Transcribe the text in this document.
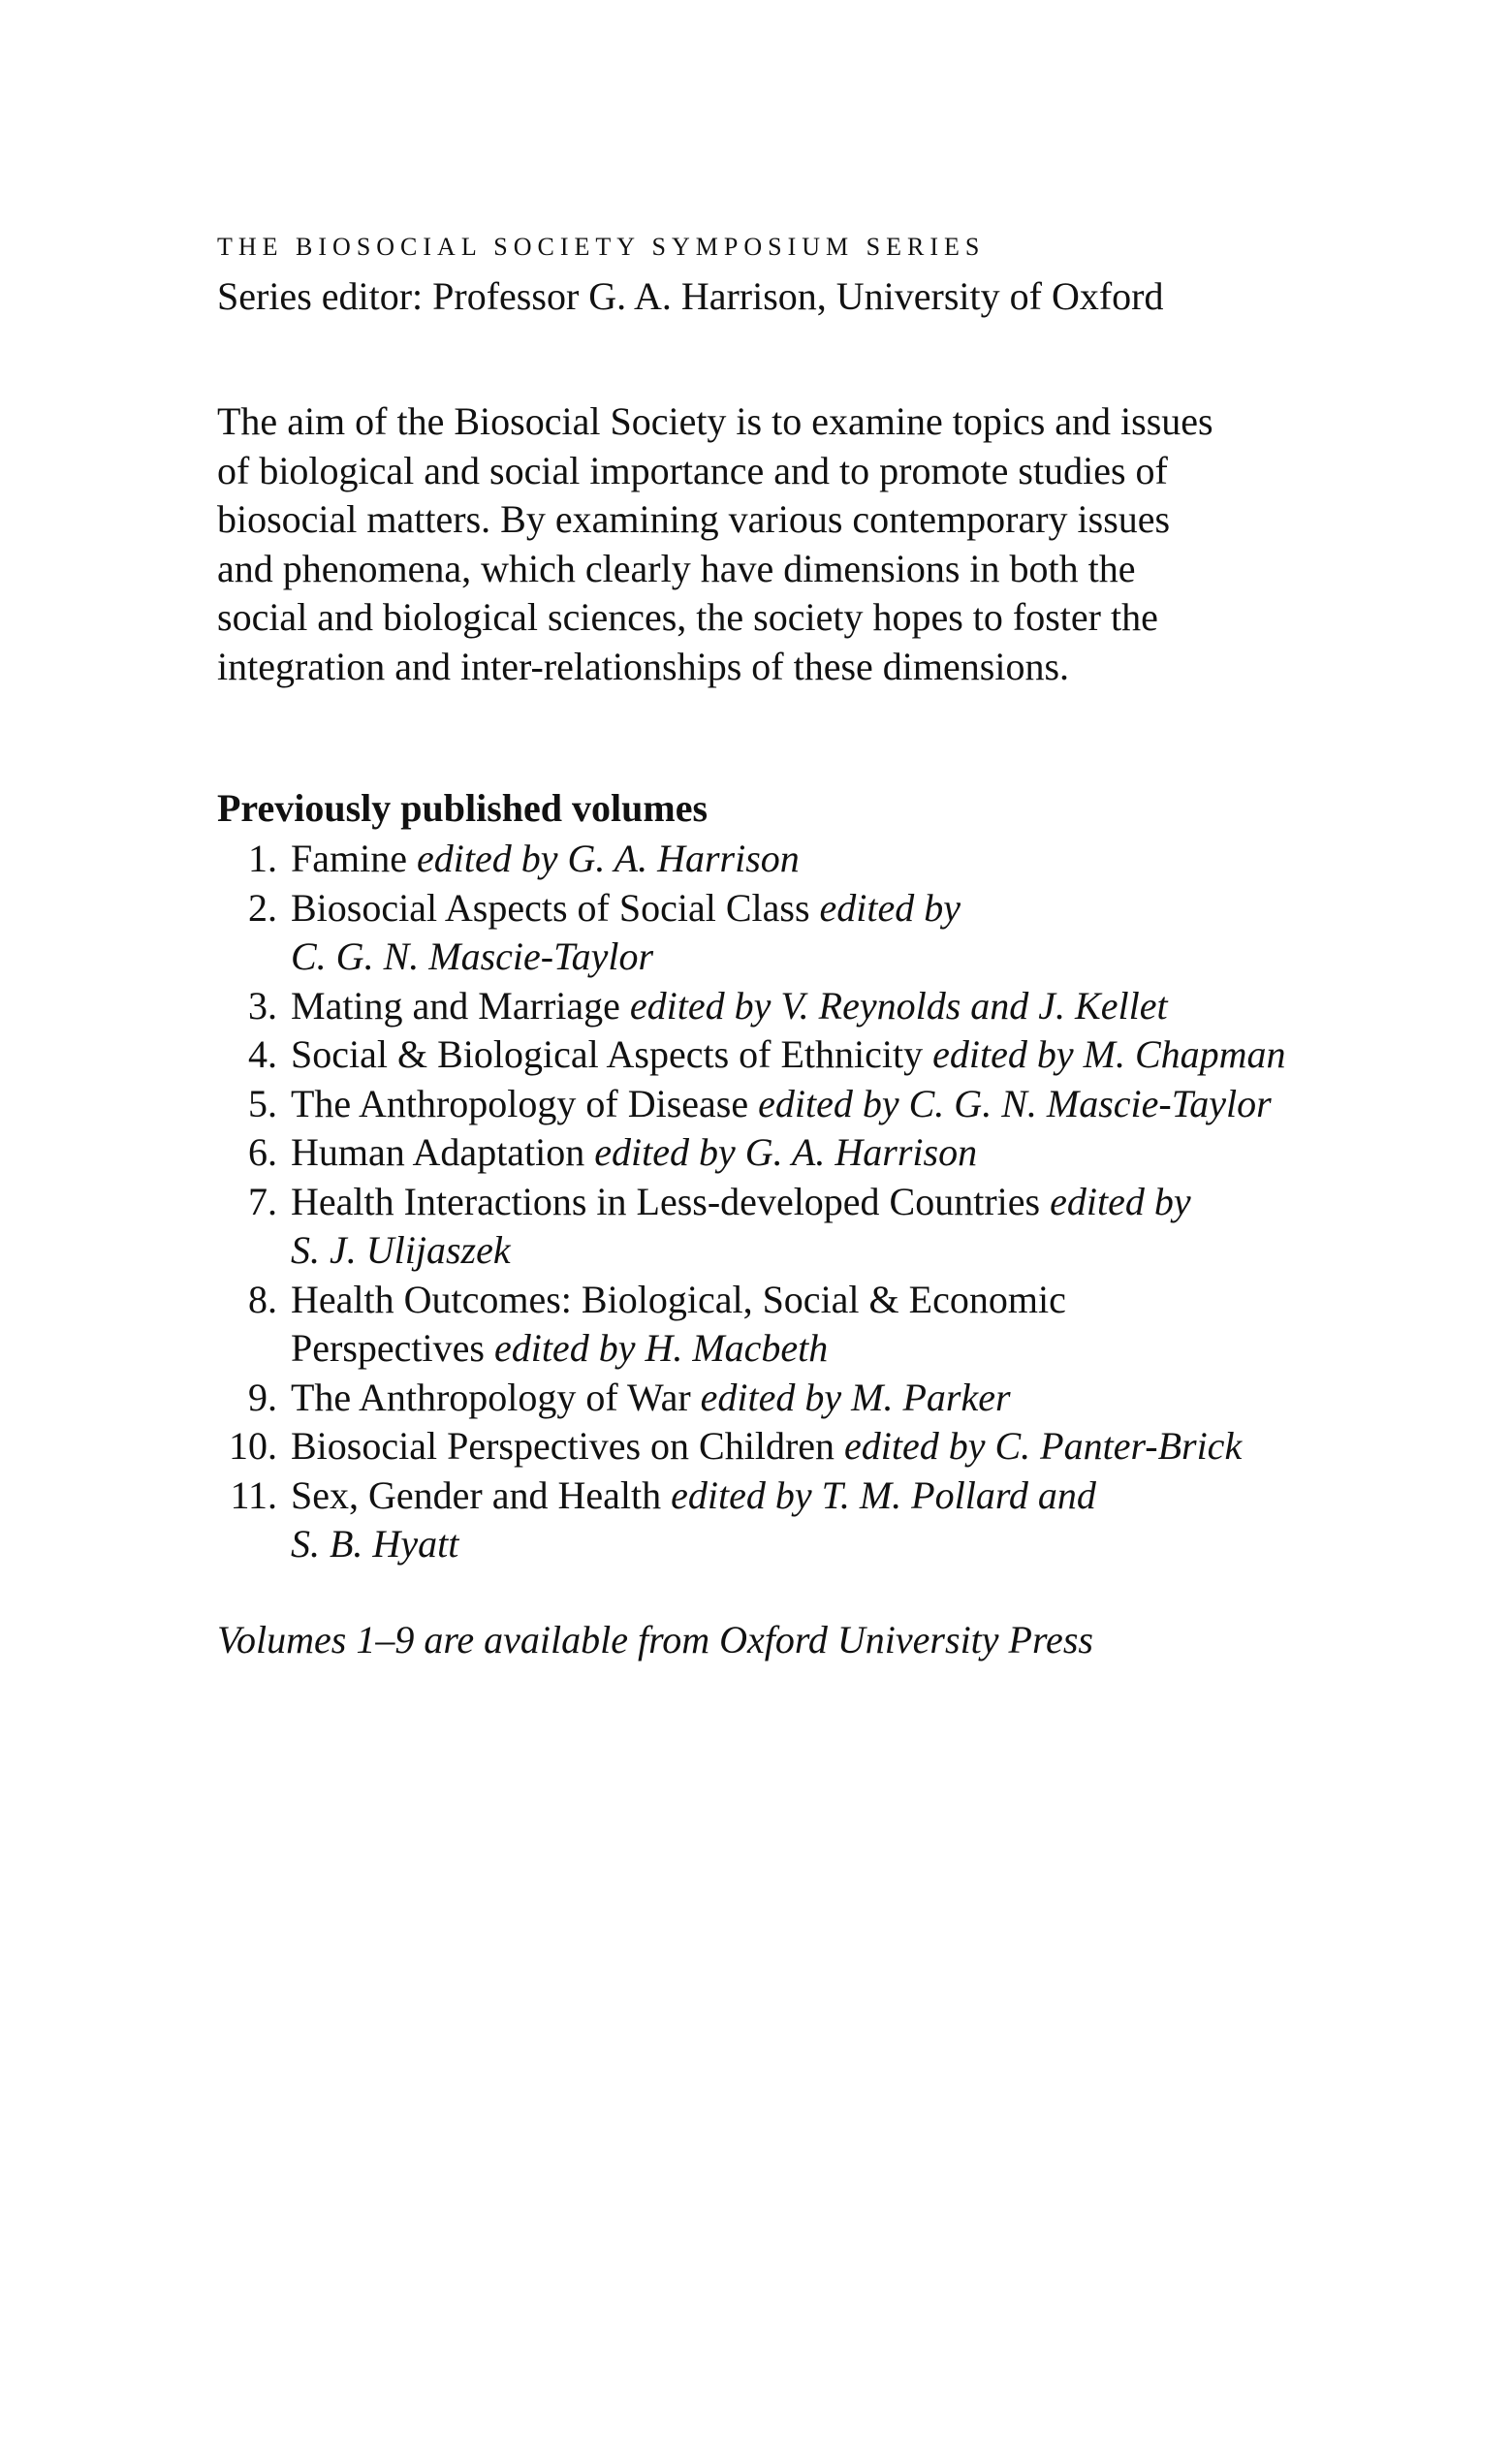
THE BIOSOCIAL SOCIETY SYMPOSIUM SERIES
Series editor: Professor G. A. Harrison, University of Oxford
The aim of the Biosocial Society is to examine topics and issues
of biological and social importance and to promote studies of
biosocial matters. By examining various contemporary issues
and phenomena, which clearly have dimensions in both the
social and biological sciences, the society hopes to foster the
integration and inter-relationships of these dimensions.
Previously published volumes
1. Famine edited by G. A. Harrison
2. Biosocial Aspects of Social Class edited by
C. G. N. Mascie-Taylor
3. Mating and Marriage edited by V. Reynolds and J. Kellet
4. Social & Biological Aspects of Ethnicity edited by M. Chapman
5. The Anthropology of Disease edited by C. G. N. Mascie-Taylor
6. Human Adaptation edited by G. A. Harrison
7. Health Interactions in Less-developed Countries edited by
S. J. Ulijaszek
8. Health Outcomes: Biological, Social & Economic
Perspectives edited by H. Macbeth
9. The Anthropology of War edited by M. Parker
10. Biosocial Perspectives on Children edited by C. Panter-Brick
11. Sex, Gender and Health edited by T. M. Pollard and
S. B. Hyatt
Volumes 1–9 are available from Oxford University Press
